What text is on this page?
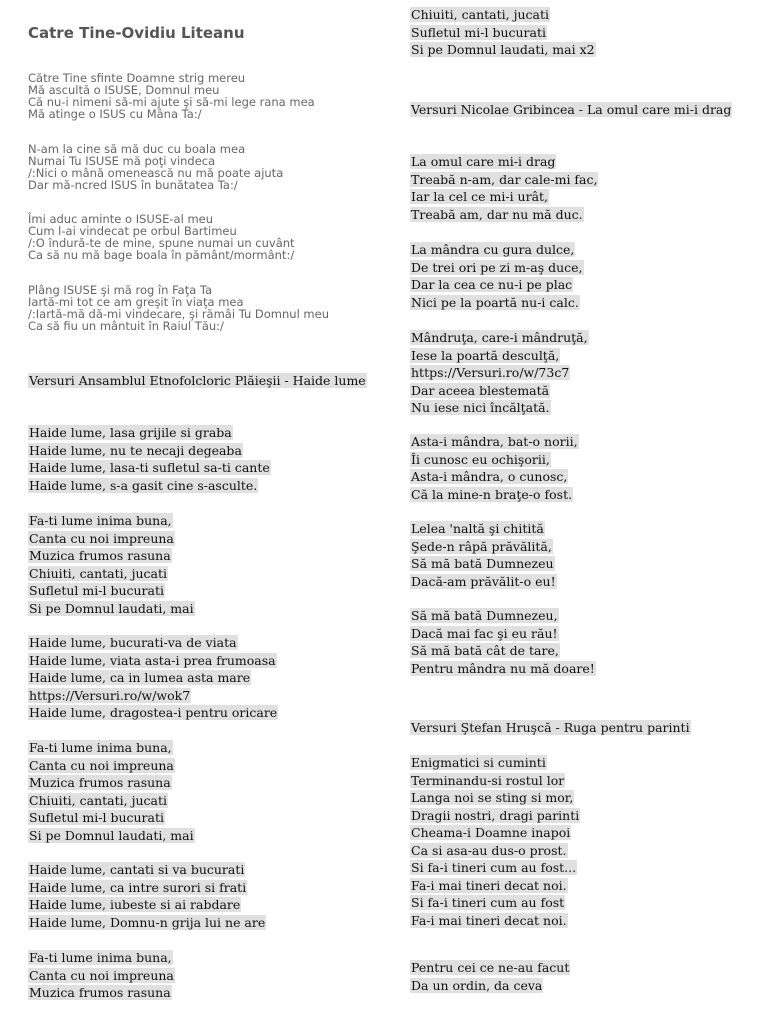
Catre Tine-Ovidiu Liteanu
Către Tine sfinte Doamne strig mereu
Mă ascultă o ISUSE, Domnul meu
Că nu-i nimeni să-mi ajute şi să-mi lege rana mea
Mă atinge o ISUS cu Mâna Ta:/
N-am la cine să mă duc cu boala mea
Numai Tu ISUSE mă poţi vindeca
/:Nici o mână omenească nu mă poate ajuta
Dar mă-ncred ISUS în bunătatea Ta:/
Îmi aduc aminte o ISUSE-al meu
Cum l-ai vindecat pe orbul Bartimeu
/:O îndură-te de mine, spune numai un cuvânt
Ca să nu mă bage boala în pământ/mormânt:/
Plâng ISUSE şi mă rog în Faţa Ta
Iartă-mi tot ce am greşit în viaţa mea
/:Iartă-mă dă-mi vindecare, şi rămâi Tu Domnul meu
Ca să fiu un mântuit în Raiul Tău:/
Versuri Ansamblul Etnofolcloric Plăieşii - Haide lume
Haide lume, lasa grijile si graba
Haide lume, nu te necaji degeaba
Haide lume, lasa-ti sufletul sa-ti cante
Haide lume, s-a gasit cine s-asculte.
Fa-ti lume inima buna,
Canta cu noi impreuna
Muzica frumos rasuna
Chiuiti, cantati, jucati
Sufletul mi-l bucurati
Si pe Domnul laudati, mai
Haide lume, bucurati-va de viata
Haide lume, viata asta-i prea frumoasa
Haide lume, ca in lumea asta mare
https://Versuri.ro/w/wok7
Haide lume, dragostea-i pentru oricare
Fa-ti lume inima buna,
Canta cu noi impreuna
Muzica frumos rasuna
Chiuiti, cantati, jucati
Sufletul mi-l bucurati
Si pe Domnul laudati, mai
Haide lume, cantati si va bucurati
Haide lume, ca intre surori si frati
Haide lume, iubeste si ai rabdare
Haide lume, Domnu-n grija lui ne are
Fa-ti lume inima buna,
Canta cu noi impreuna
Muzica frumos rasuna
Chiuiti, cantati, jucati
Sufletul mi-l bucurati
Si pe Domnul laudati, mai x2
Versuri Nicolae Gribincea - La omul care mi-i drag
La omul care mi-i drag
Treabă n-am, dar cale-mi fac,
Iar la cel ce mi-i urât,
Treabă am, dar nu mă duc.
La mândra cu gura dulce,
De trei ori pe zi m-aş duce,
Dar la cea ce nu-i pe plac
Nici pe la poartă nu-i calc.
Mândruţa, care-i mândruţă,
Iese la poartă desculţă,
https://Versuri.ro/w/73c7
Dar aceea blestemată
Nu iese nici încălţată.
Asta-i mândra, bat-o norii,
Îi cunosc eu ochişorii,
Asta-i mândra, o cunosc,
Că la mine-n braţe-o fost.
Lelea 'naltă şi chitită
Şede-n râpă prăvălită,
Să mă bată Dumnezeu
Dacă-am prăvălit-o eu!
Să mă bată Dumnezeu,
Dacă mai fac şi eu rău!
Să mă bată cât de tare,
Pentru mândra nu mă doare!
Versuri Ştefan Hruşcă - Ruga pentru parinti
Enigmatici si cuminti
Terminandu-si rostul lor
Langa noi se sting si mor,
Dragii nostri, dragi parinti
Cheama-i Doamne inapoi
Ca si asa-au dus-o prost.
Si fa-i tineri cum au fost...
Fa-i mai tineri decat noi.
Si fa-i tineri cum au fost
Fa-i mai tineri decat noi.
Pentru cei ce ne-au facut
Da un ordin, da ceva
